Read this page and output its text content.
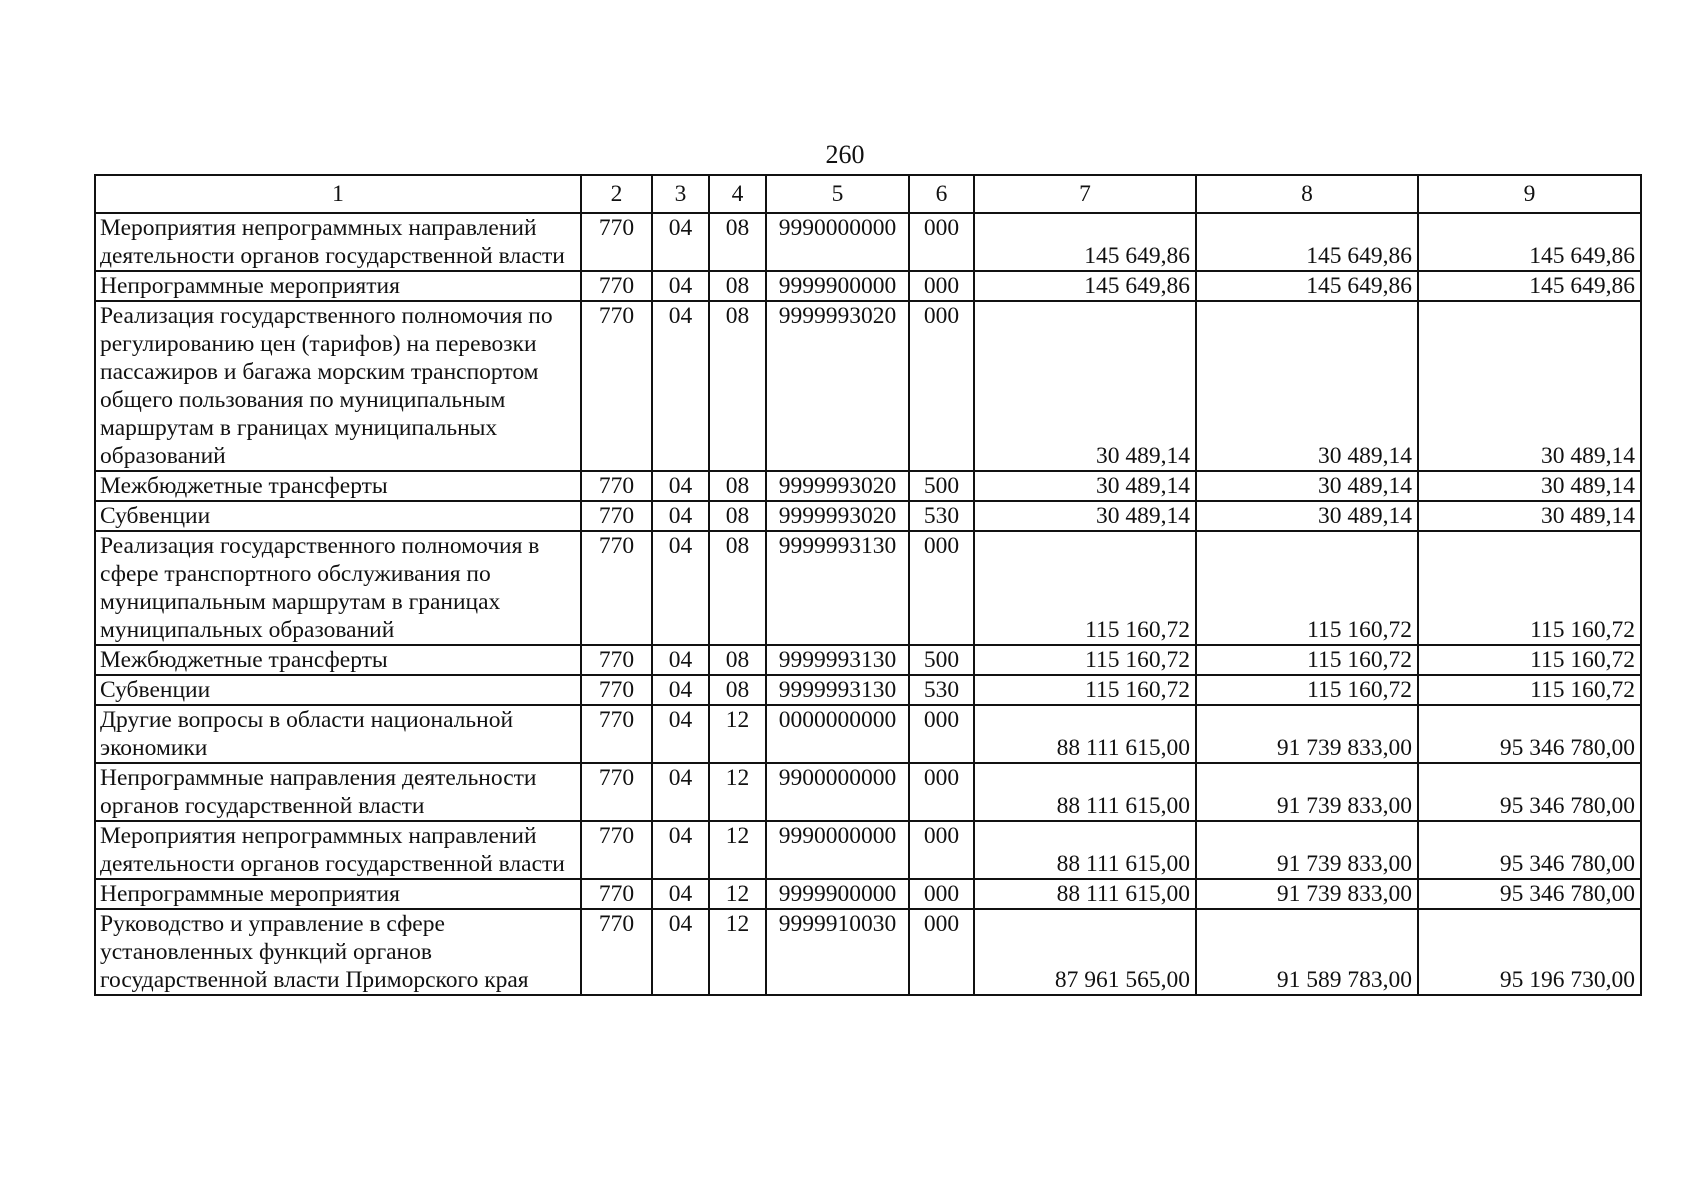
260
1	2	3	4	5	6	7	8	9
Мероприятия непрограммных направлений деятельности органов государственной власти	770	04	08	9990000000	000	145 649,86	145 649,86	145 649,86
Непрограммные мероприятия	770	04	08	9999900000	000	145 649,86	145 649,86	145 649,86
Реализация государственного полномочия по регулированию цен (тарифов) на перевозки пассажиров и багажа морским транспортом общего пользования по муниципальным маршрутам в границах муниципальных образований	770	04	08	9999993020	000	30 489,14	30 489,14	30 489,14
Межбюджетные трансферты	770	04	08	9999993020	500	30 489,14	30 489,14	30 489,14
Субвенции	770	04	08	9999993020	530	30 489,14	30 489,14	30 489,14
Реализация государственного полномочия в сфере транспортного обслуживания по муниципальным маршрутам в границах муниципальных образований	770	04	08	9999993130	000	115 160,72	115 160,72	115 160,72
Межбюджетные трансферты	770	04	08	9999993130	500	115 160,72	115 160,72	115 160,72
Субвенции	770	04	08	9999993130	530	115 160,72	115 160,72	115 160,72
Другие вопросы в области национальной экономики	770	04	12	0000000000	000	88 111 615,00	91 739 833,00	95 346 780,00
Непрограммные направления деятельности органов государственной власти	770	04	12	9900000000	000	88 111 615,00	91 739 833,00	95 346 780,00
Мероприятия непрограммных направлений деятельности органов государственной власти	770	04	12	9990000000	000	88 111 615,00	91 739 833,00	95 346 780,00
Непрограммные мероприятия	770	04	12	9999900000	000	88 111 615,00	91 739 833,00	95 346 780,00
Руководство и управление в сфере установленных функций органов государственной власти Приморского края	770	04	12	9999910030	000	87 961 565,00	91 589 783,00	95 196 730,00
